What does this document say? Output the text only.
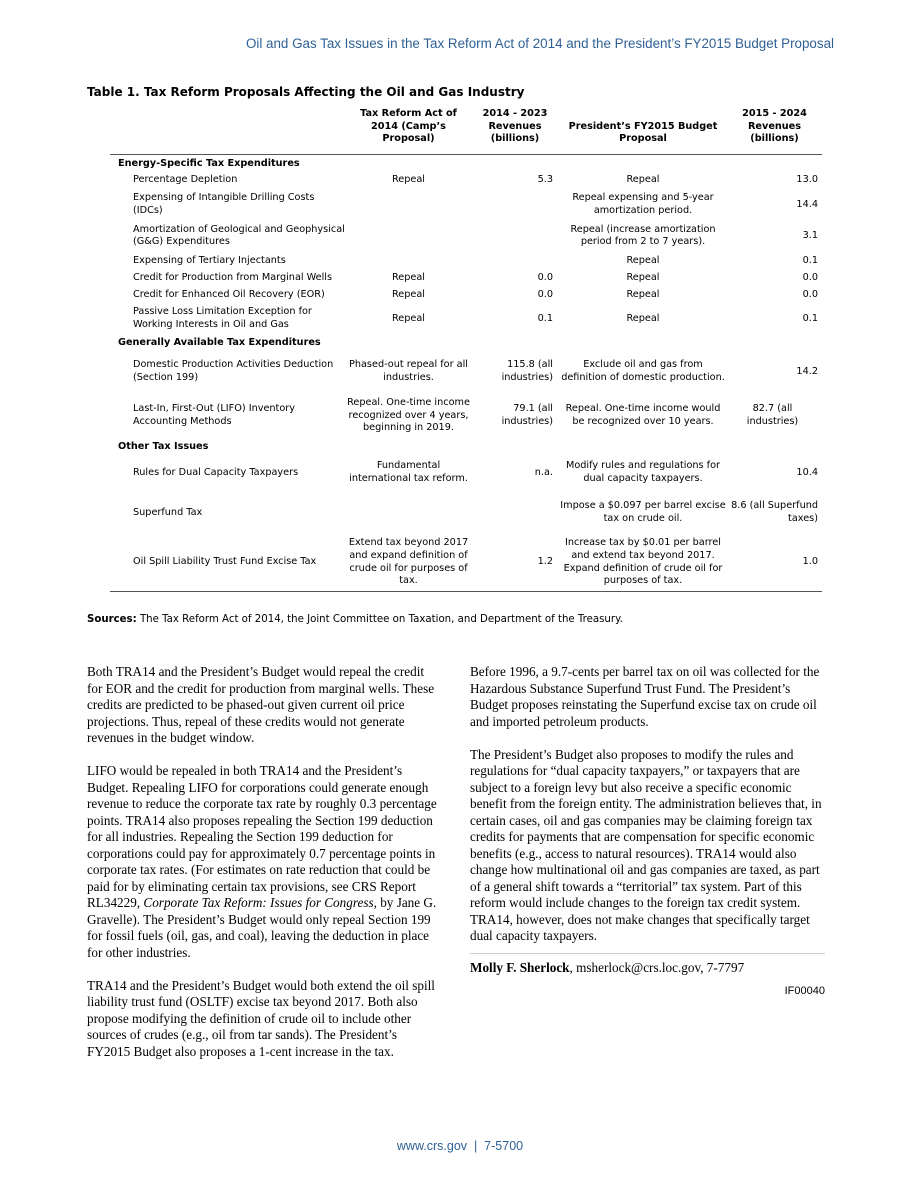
Oil and Gas Tax Issues in the Tax Reform Act of 2014 and the President’s FY2015 Budget Proposal
Table 1. Tax Reform Proposals Affecting the Oil and Gas Industry
	Tax Reform Act of 2014 (Camp’s Proposal)	2014 - 2023 Revenues (billions)	President’s FY2015 Budget Proposal	2015 - 2024 Revenues (billions)
Energy-Specific Tax Expenditures				
Percentage Depletion	Repeal	5.3	Repeal	13.0
Expensing of Intangible Drilling Costs (IDCs)			Repeal expensing and 5-year amortization period.	14.4
Amortization of Geological and Geophysical (G&G) Expenditures			Repeal (increase amortization period from 2 to 7 years).	3.1
Expensing of Tertiary Injectants			Repeal	0.1
Credit for Production from Marginal Wells	Repeal	0.0	Repeal	0.0
Credit for Enhanced Oil Recovery (EOR)	Repeal	0.0	Repeal	0.0
Passive Loss Limitation Exception for Working Interests in Oil and Gas	Repeal	0.1	Repeal	0.1
Generally Available Tax Expenditures				
Domestic Production Activities Deduction (Section 199)	Phased-out repeal for all industries.	115.8 (all industries)	Exclude oil and gas from definition of domestic production.	14.2
Last-In, First-Out (LIFO) Inventory Accounting Methods	Repeal. One-time income recognized over 4 years, beginning in 2019.	79.1 (all industries)	Repeal. One-time income would be recognized over 10 years.	82.7 (all industries)
Other Tax Issues				
Rules for Dual Capacity Taxpayers	Fundamental international tax reform.	n.a.	Modify rules and regulations for dual capacity taxpayers.	10.4
Superfund Tax			Impose a $0.097 per barrel excise tax on crude oil.	8.6 (all Superfund taxes)
Oil Spill Liability Trust Fund Excise Tax	Extend tax beyond 2017 and expand definition of crude oil for purposes of tax.	1.2	Increase tax by $0.01 per barrel and extend tax beyond 2017. Expand definition of crude oil for purposes of tax.	1.0
Sources: The Tax Reform Act of 2014, the Joint Committee on Taxation, and Department of the Treasury.

Both TRA14 and the President’s Budget would repeal the credit for EOR and the credit for production from marginal wells. These credits are predicted to be phased-out given current oil price projections. Thus, repeal of these credits would not generate revenues in the budget window.

LIFO would be repealed in both TRA14 and the President’s Budget. Repealing LIFO for corporations could generate enough revenue to reduce the corporate tax rate by roughly 0.3 percentage points. TRA14 also proposes repealing the Section 199 deduction for all industries. Repealing the Section 199 deduction for corporations could pay for approximately 0.7 percentage points in corporate tax rates. (For estimates on rate reduction that could be paid for by eliminating certain tax provisions, see CRS Report RL34229, Corporate Tax Reform: Issues for Congress, by Jane G. Gravelle). The President’s Budget would only repeal Section 199 for fossil fuels (oil, gas, and coal), leaving the deduction in place for other industries.

TRA14 and the President’s Budget would both extend the oil spill liability trust fund (OSLTF) excise tax beyond 2017. Both also propose modifying the definition of crude oil to include other sources of crudes (e.g., oil from tar sands). The President’s FY2015 Budget also proposes a 1-cent increase in the tax.

Before 1996, a 9.7-cents per barrel tax on oil was collected for the Hazardous Substance Superfund Trust Fund. The President’s Budget proposes reinstating the Superfund excise tax on crude oil and imported petroleum products.

The President’s Budget also proposes to modify the rules and regulations for “dual capacity taxpayers,” or taxpayers that are subject to a foreign levy but also receive a specific economic benefit from the foreign entity. The administration believes that, in certain cases, oil and gas companies may be claiming foreign tax credits for payments that are compensation for specific economic benefits (e.g., access to natural resources). TRA14 would also change how multinational oil and gas companies are taxed, as part of a general shift towards a “territorial” tax system. Part of this reform would include changes to the foreign tax credit system. TRA14, however, does not make changes that specifically target dual capacity taxpayers.

Molly F. Sherlock, msherlock@crs.loc.gov, 7-7797
IF00040
www.crs.gov  |  7-5700
